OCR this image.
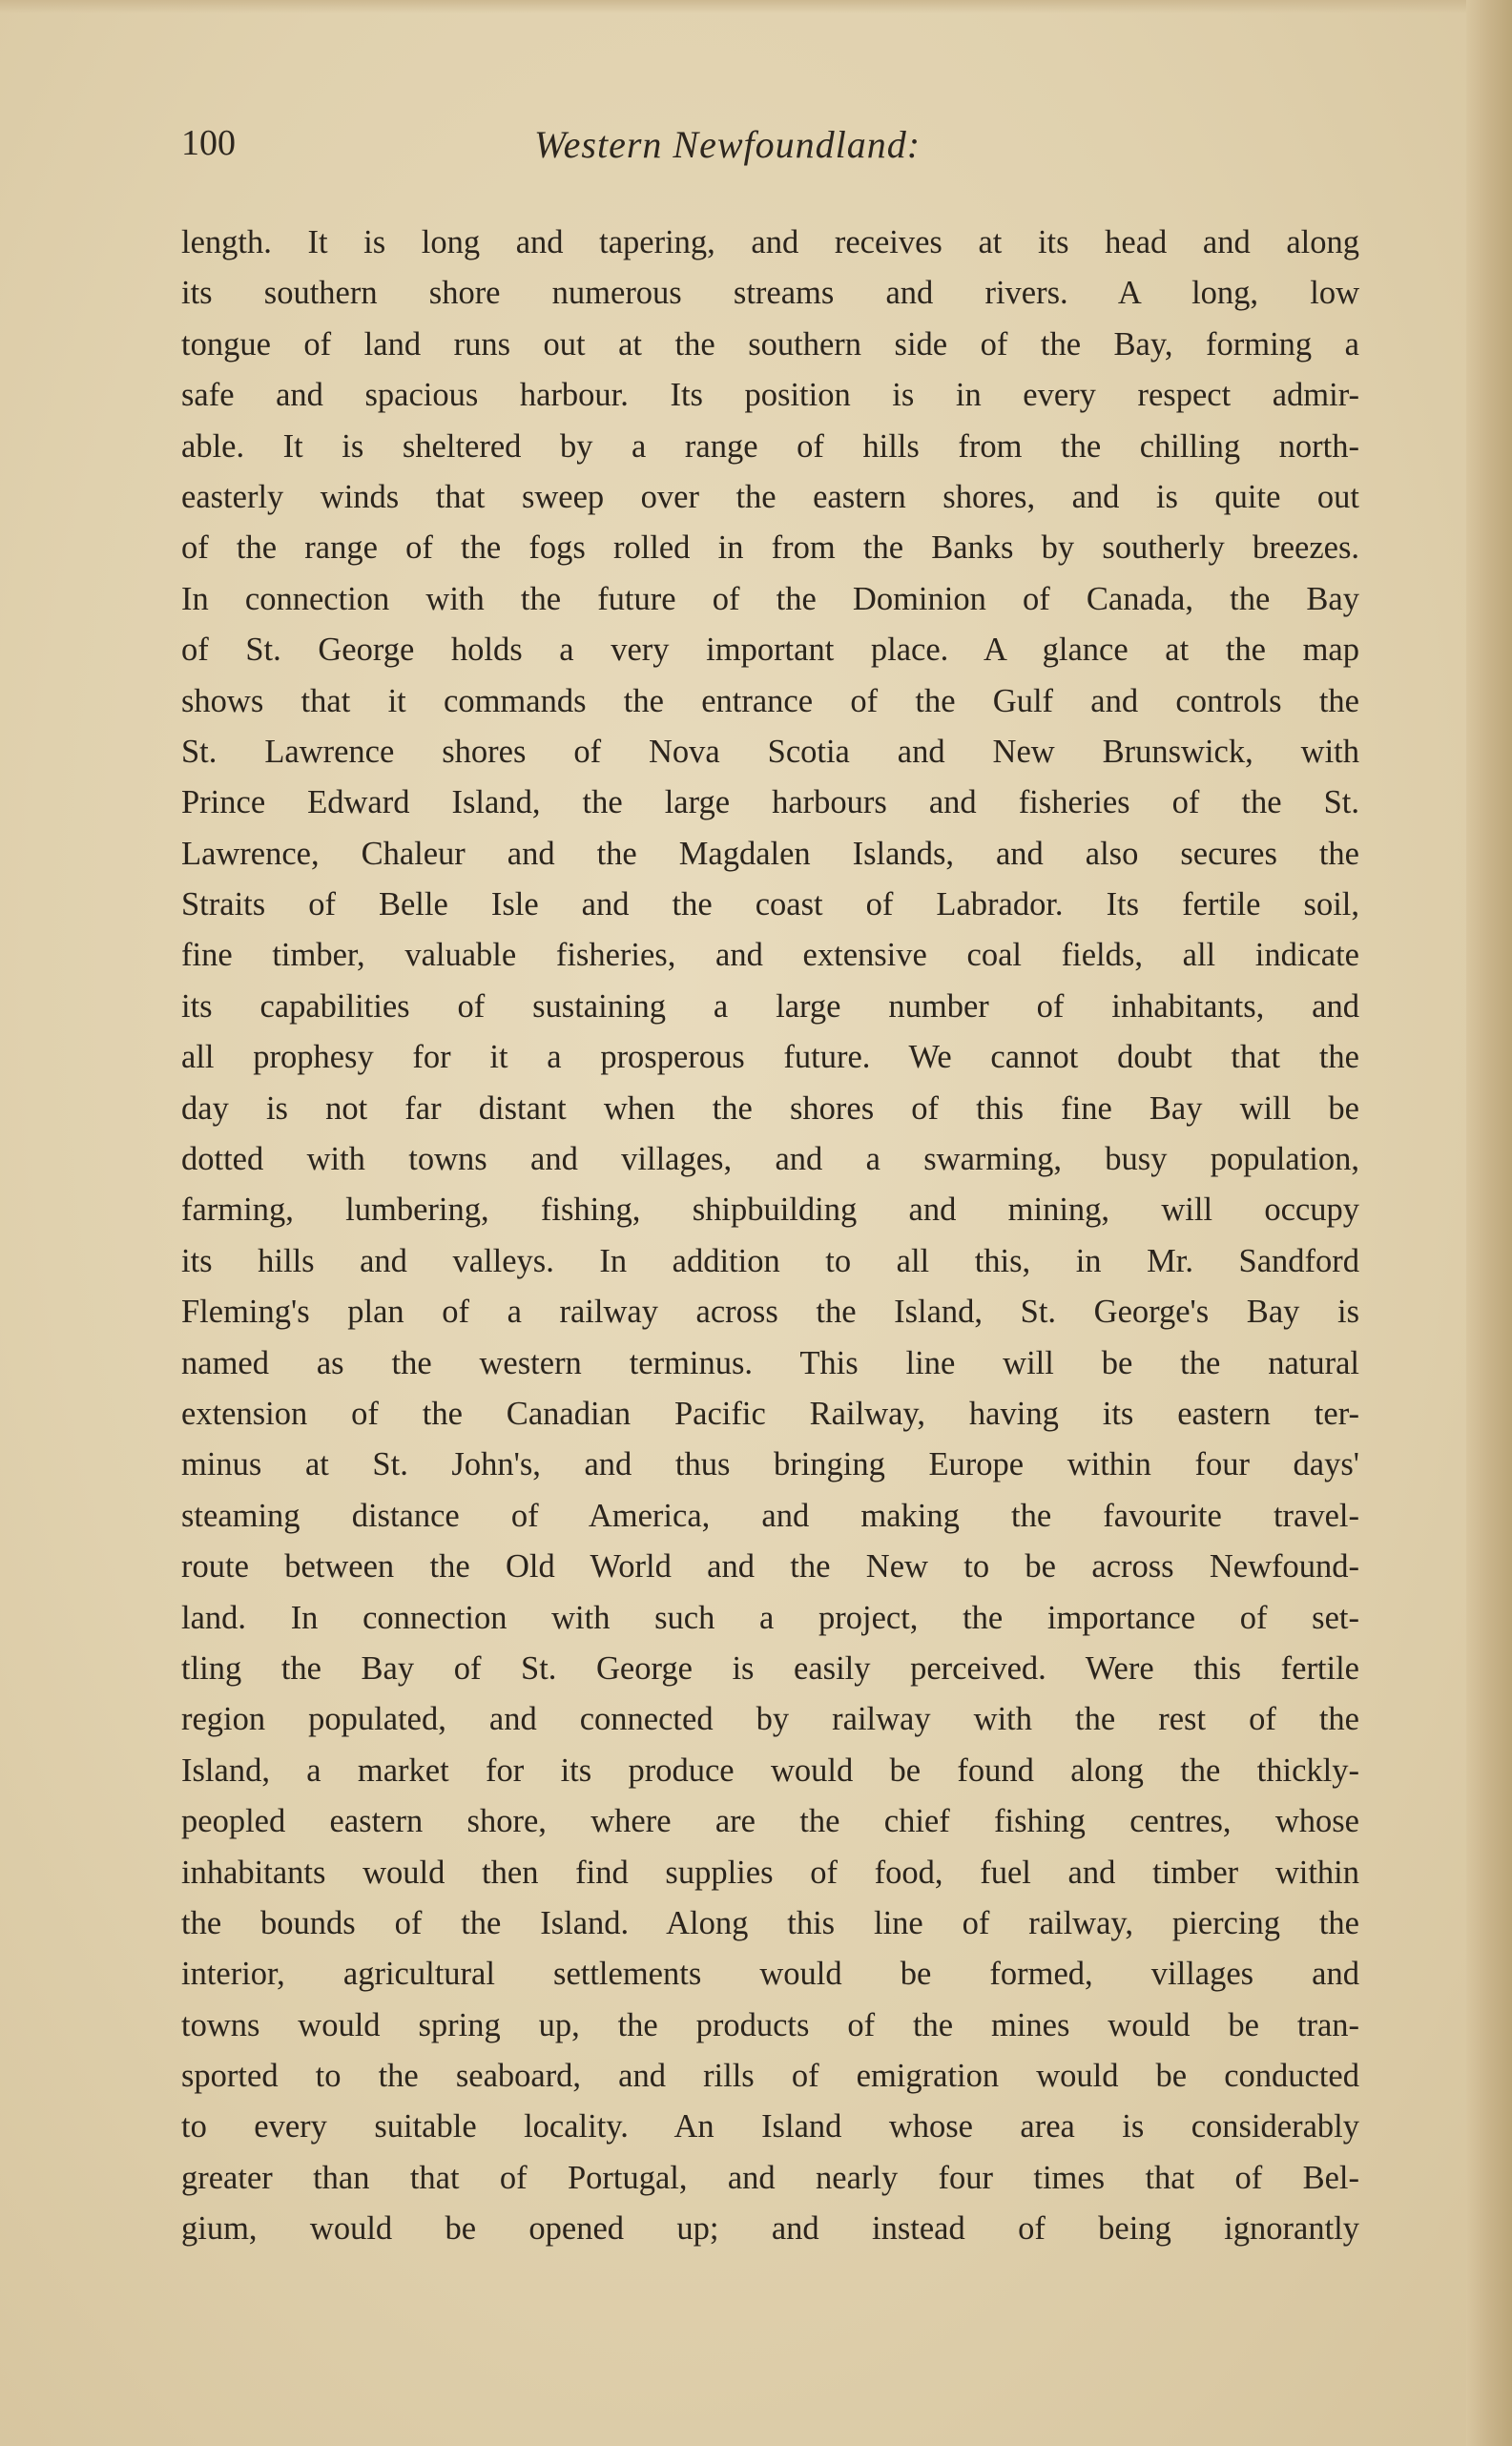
100	Western Newfoundland:
length. It is long and tapering, and receives at its head and along
its southern shore numerous streams and rivers. A long, low
tongue of land runs out at the southern side of the Bay, forming a
safe and spacious harbour. Its position is in every respect admir-
able. It is sheltered by a range of hills from the chilling north-
easterly winds that sweep over the eastern shores, and is quite out
of the range of the fogs rolled in from the Banks by southerly breezes.
In connection with the future of the Dominion of Canada, the Bay
of St. George holds a very important place. A glance at the map
shows that it commands the entrance of the Gulf and controls the
St. Lawrence shores of Nova Scotia and New Brunswick, with
Prince Edward Island, the large harbours and fisheries of the St.
Lawrence, Chaleur and the Magdalen Islands, and also secures the
Straits of Belle Isle and the coast of Labrador. Its fertile soil,
fine timber, valuable fisheries, and extensive coal fields, all indicate
its capabilities of sustaining a large number of inhabitants, and
all prophesy for it a prosperous future. We cannot doubt that the
day is not far distant when the shores of this fine Bay will be
dotted with towns and villages, and a swarming, busy population,
farming, lumbering, fishing, shipbuilding and mining, will occupy
its hills and valleys. In addition to all this, in Mr. Sandford
Fleming's plan of a railway across the Island, St. George's Bay is
named as the western terminus. This line will be the natural
extension of the Canadian Pacific Railway, having its eastern ter-
minus at St. John's, and thus bringing Europe within four days'
steaming distance of America, and making the favourite travel-
route between the Old World and the New to be across Newfound-
land. In connection with such a project, the importance of set-
tling the Bay of St. George is easily perceived. Were this fertile
region populated, and connected by railway with the rest of the
Island, a market for its produce would be found along the thickly-
peopled eastern shore, where are the chief fishing centres, whose
inhabitants would then find supplies of food, fuel and timber within
the bounds of the Island. Along this line of railway, piercing the
interior, agricultural settlements would be formed, villages and
towns would spring up, the products of the mines would be tran-
sported to the seaboard, and rills of emigration would be conducted
to every suitable locality. An Island whose area is considerably
greater than that of Portugal, and nearly four times that of Bel-
gium, would be opened up; and instead of being ignorantly
